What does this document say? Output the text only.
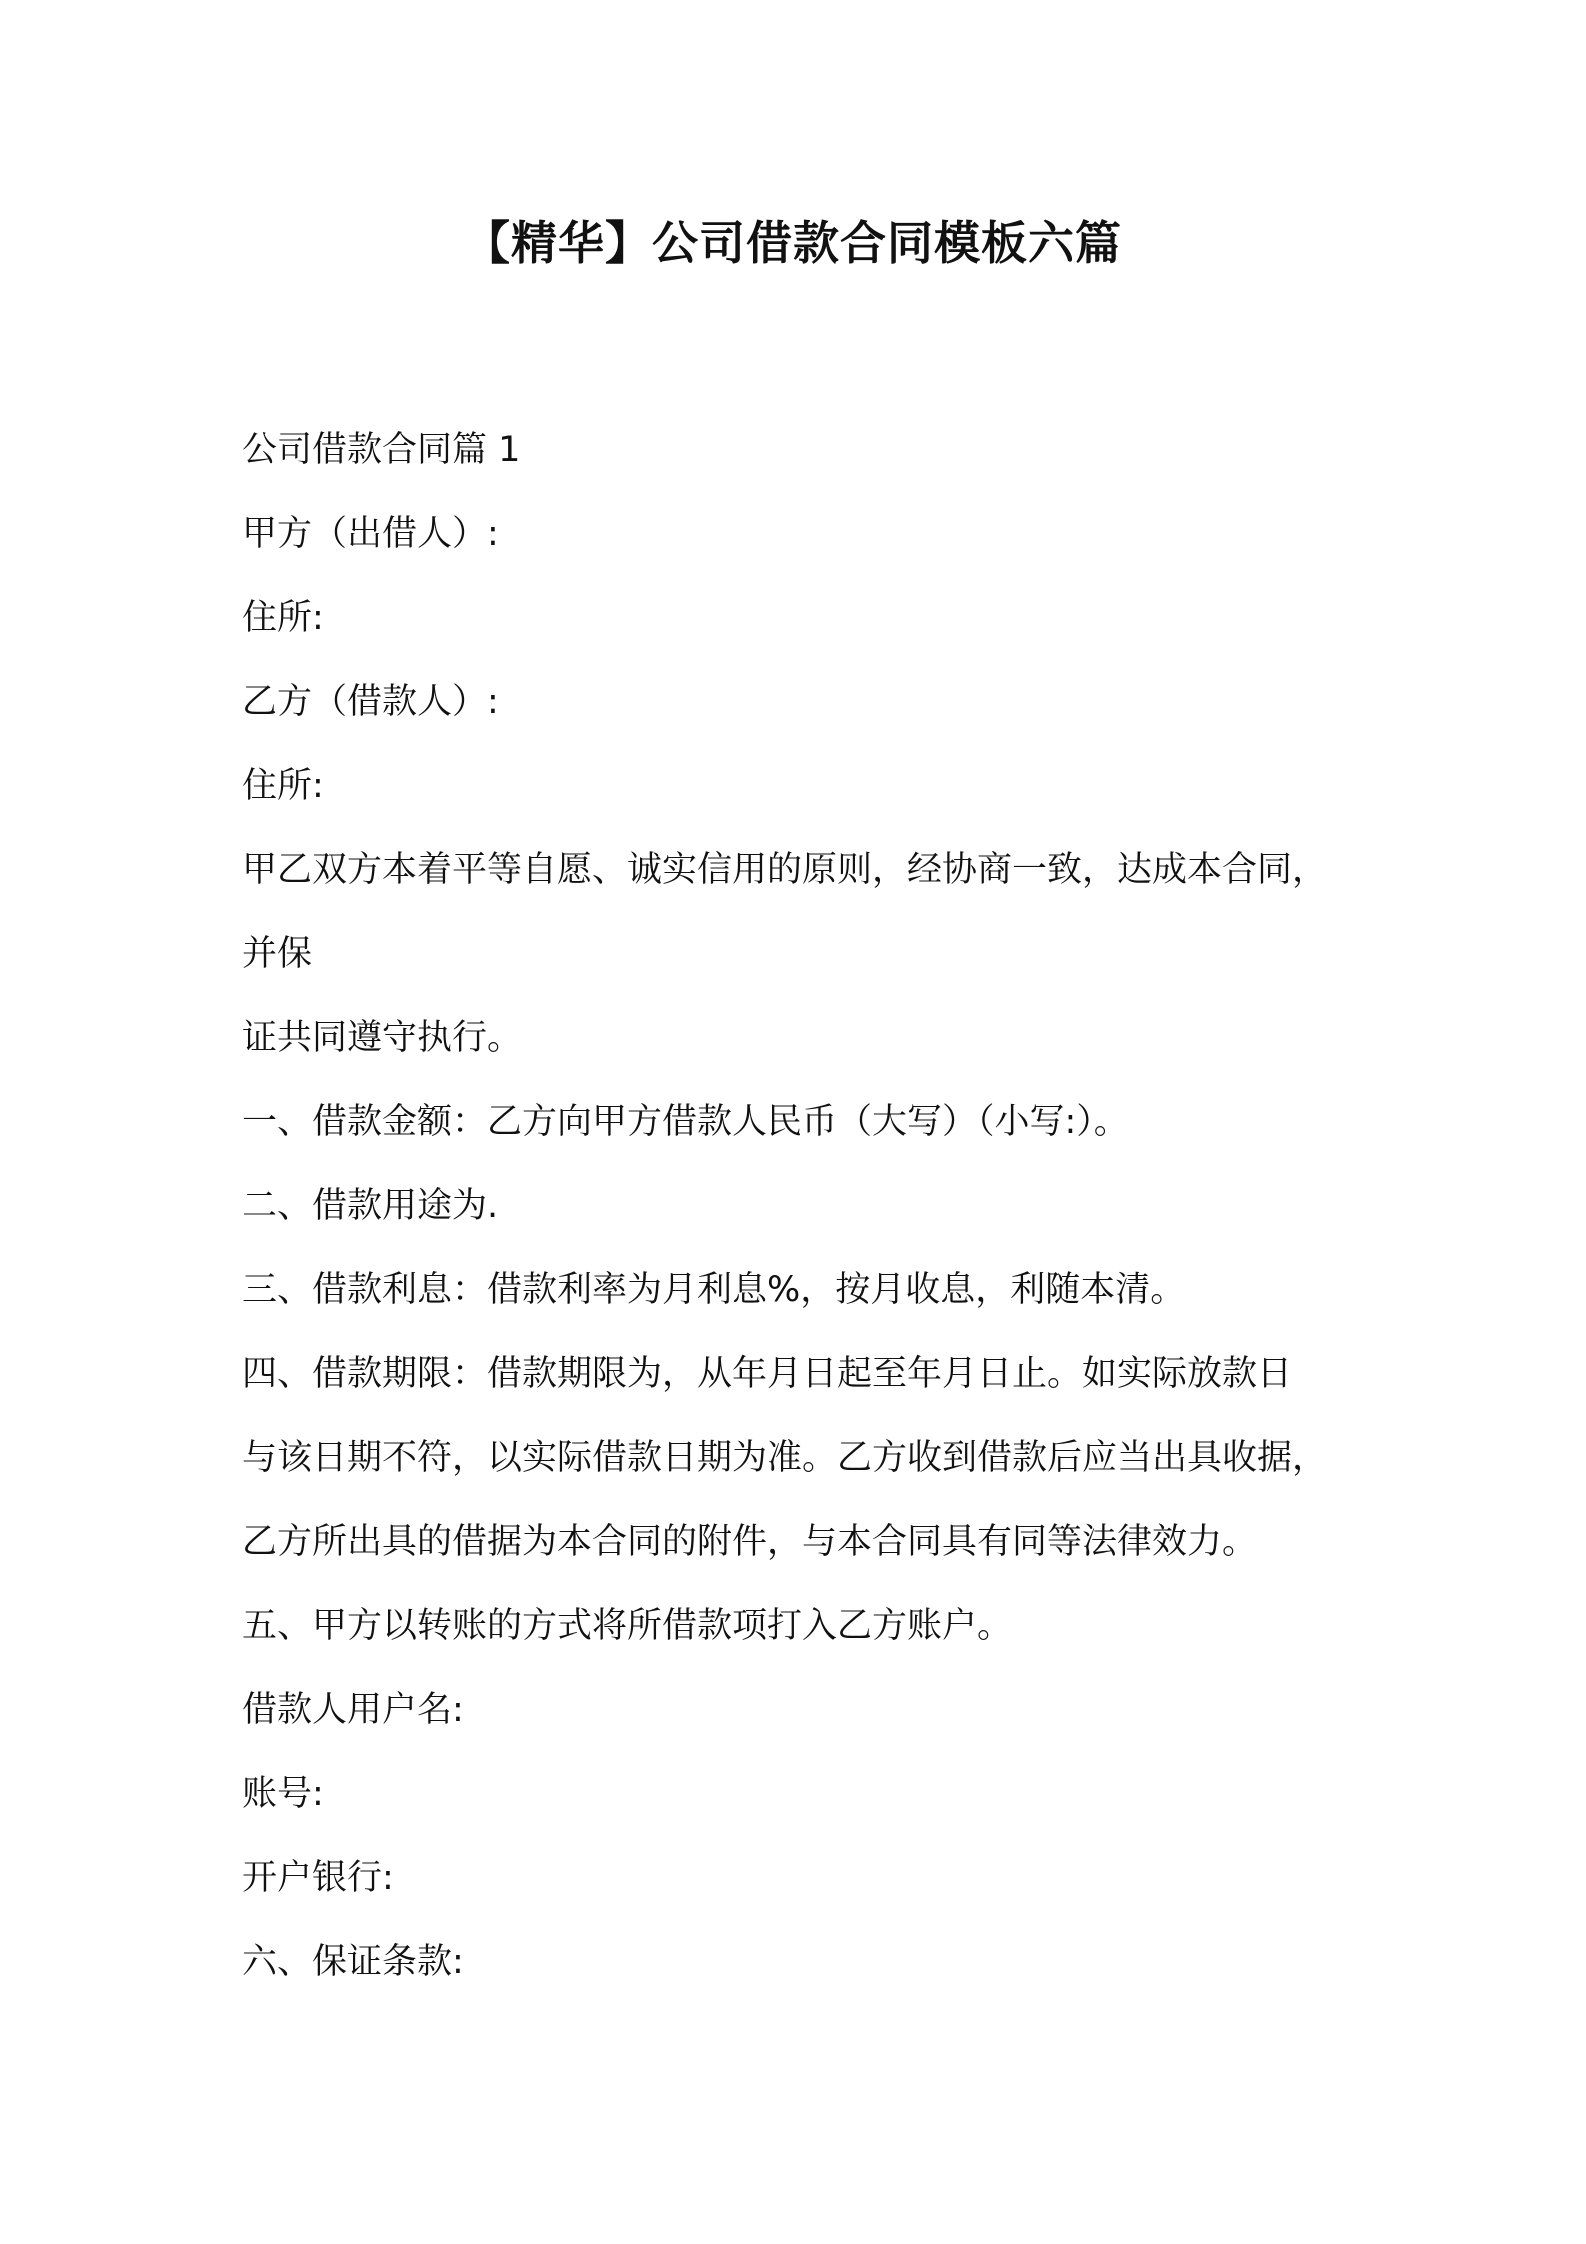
【精华】公司借款合同模板六篇
公司借款合同篇 1
甲方（出借人）:
住所:
乙方（借款人）:
住所:
甲乙双方本着平等自愿、诚实信用的原则，经协商一致，达成本合同，
并保
证共同遵守执行。
一、借款金额：乙方向甲方借款人民币（大写）（小写:）。
二、借款用途为.
三、借款利息：借款利率为月利息%，按月收息，利随本清。
四、借款期限：借款期限为，从年月日起至年月日止。如实际放款日
与该日期不符，以实际借款日期为准。乙方收到借款后应当出具收据，
乙方所出具的借据为本合同的附件，与本合同具有同等法律效力。
五、甲方以转账的方式将所借款项打入乙方账户。
借款人用户名:
账号:
开户银行:
六、保证条款:
